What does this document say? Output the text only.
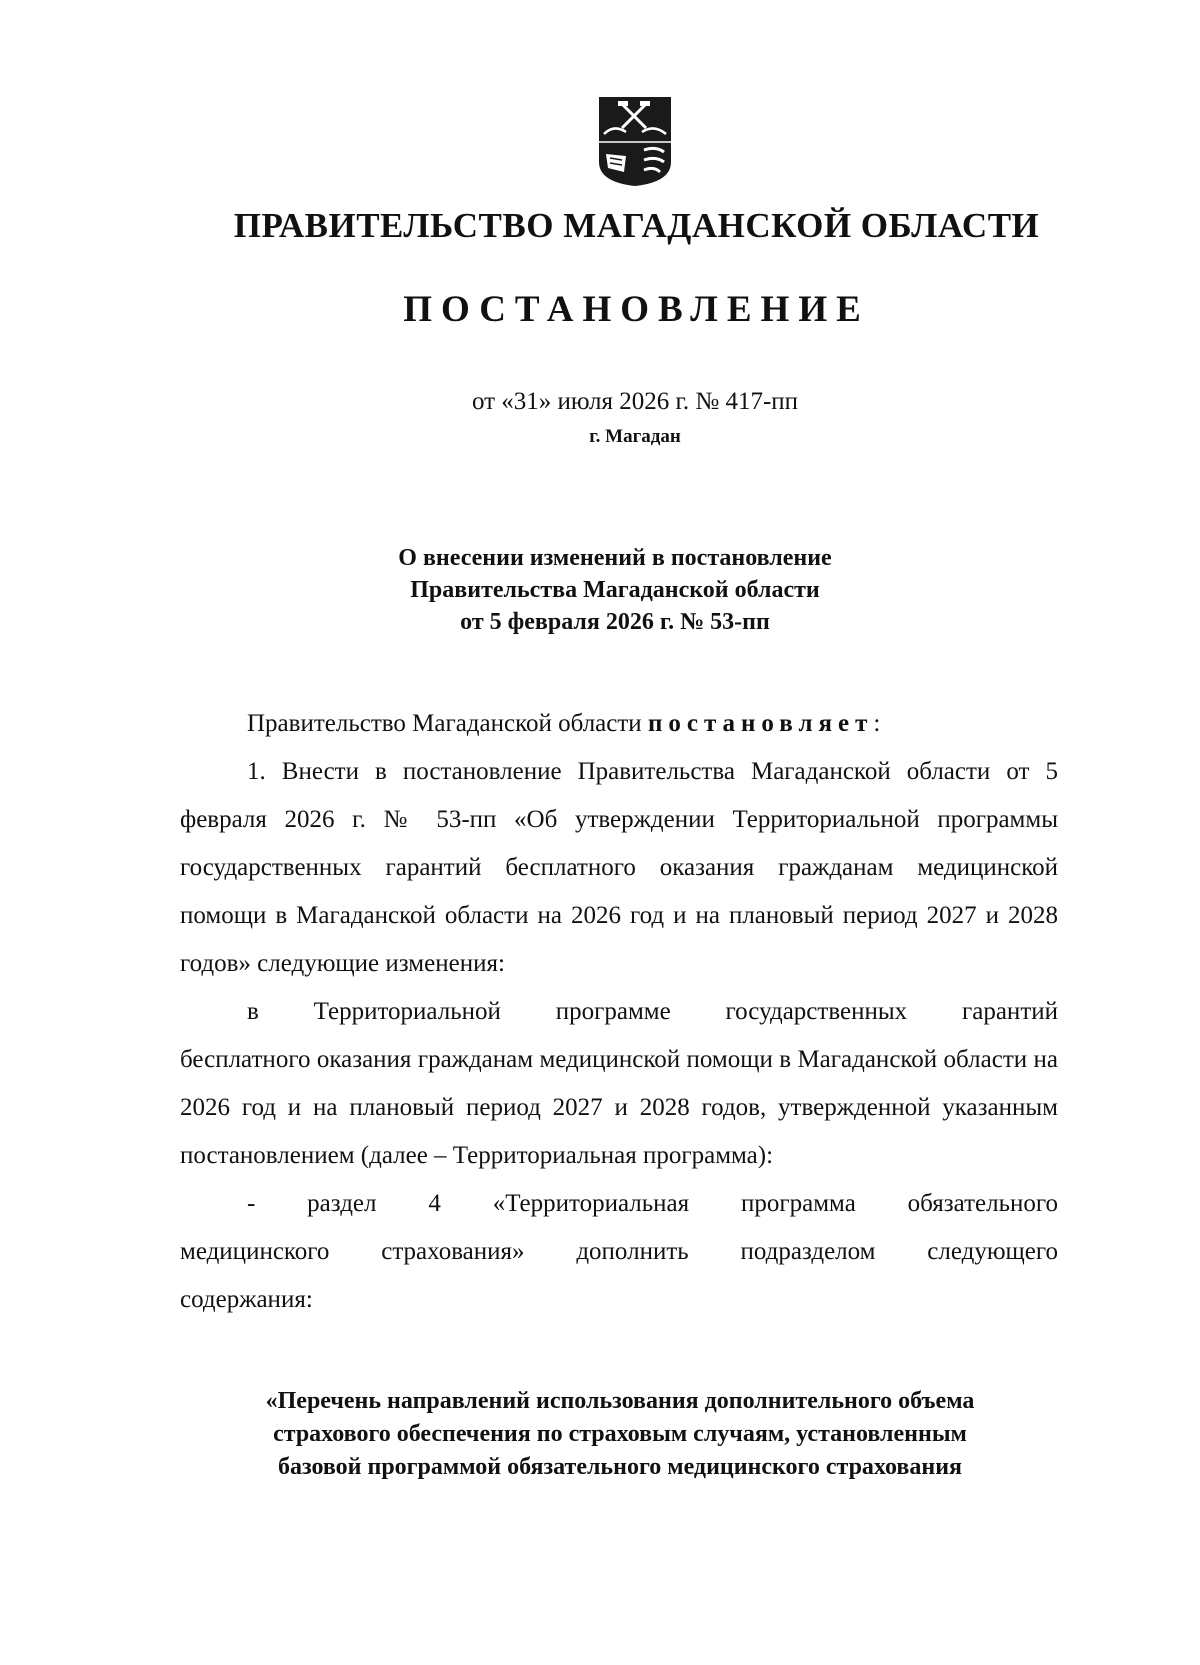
ПРАВИТЕЛЬСТВО МАГАДАНСКОЙ ОБЛАСТИ
ПОСТАНОВЛЕНИЕ
от «31» июля 2026 г. № 417-пп
г. Магадан
О внесении изменений в постановление
Правительства Магаданской области
от 5 февраля 2026 г. № 53-пп

Правительство Магаданской области постановляет:

1. Внести в постановление Правительства Магаданской области от 5 февраля 2026 г. № 53-пп «Об утверждении Территориальной программы государственных гарантий бесплатного оказания гражданам медицинской помощи в Магаданской области на 2026 год и на плановый период 2027 и 2028 годов» следующие изменения:

в Территориальной программе государственных гарантий

бесплатного оказания гражданам медицинской помощи в Магаданской области на 2026 год и на плановый период 2027 и 2028 годов, утвержденной указанным постановлением (далее – Территориальная программа):

- раздел 4 «Территориальная программа обязательного

медицинского страхования» дополнить подразделом следующего

содержания:

«Перечень направлений использования дополнительного объема
страхового обеспечения по страховым случаям, установленным
базовой программой обязательного медицинского страхования
